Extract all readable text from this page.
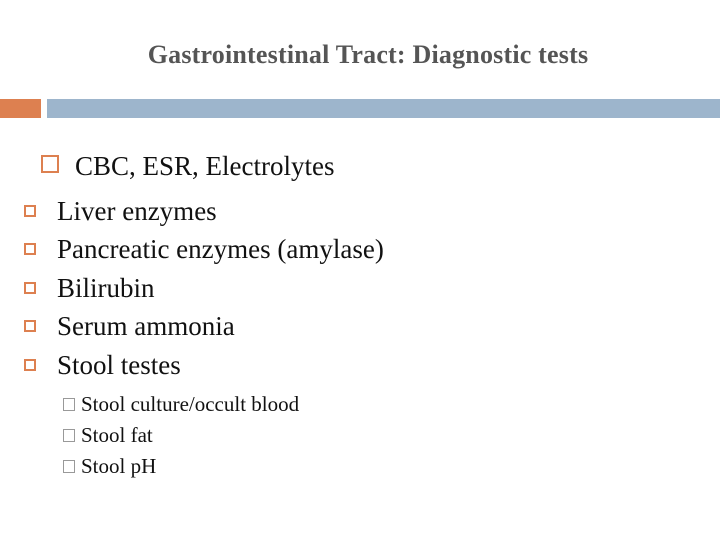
Gastrointestinal Tract: Diagnostic tests
CBC, ESR, Electrolytes
Liver enzymes
Pancreatic enzymes (amylase)
Bilirubin
Serum ammonia
Stool testes
Stool culture/occult blood
Stool fat
Stool pH
